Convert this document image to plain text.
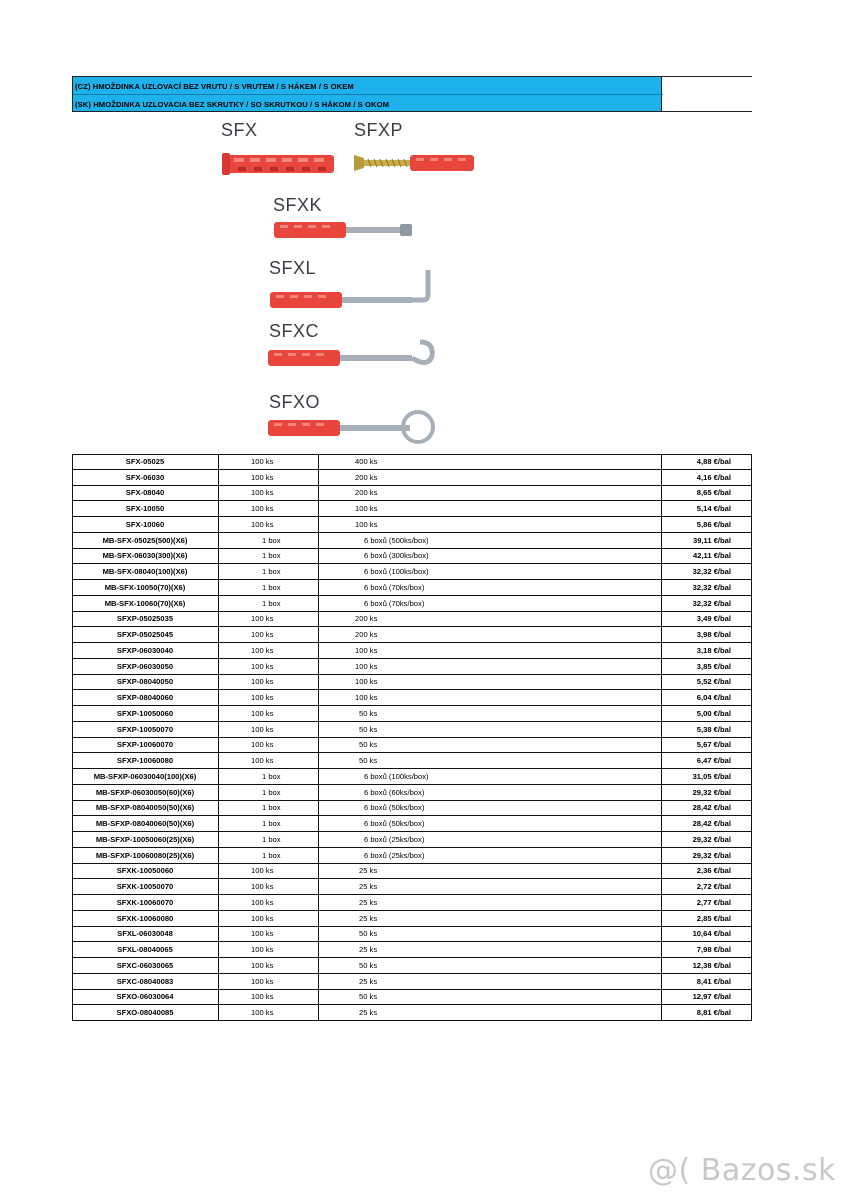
(CZ) HMOŽDINKA UZLOVACÍ BEZ VRUTU / S VRUTEM / S HÁKEM / S OKEM
(SK) HMOŽDINKA UZLOVACIA BEZ SKRUTKY / SO SKRUTKOU / S HÁKOM / S OKOM
SFX	SFXP
SFXK
SFXL
SFXC
SFXO
SFX-05025	100 ks	400 ks	4,88 €/bal
SFX-06030	100 ks	200 ks	4,16 €/bal
SFX-08040	100 ks	200 ks	8,65 €/bal
SFX-10050	100 ks	100 ks	5,14 €/bal
SFX-10060	100 ks	100 ks	5,86 €/bal
MB-SFX-05025(500)(X6)	1 box	6 boxů (500ks/box)	39,11 €/bal
MB-SFX-06030(300)(X6)	1 box	6 boxů (300ks/box)	42,11 €/bal
MB-SFX-08040(100)(X6)	1 box	6 boxů (100ks/box)	32,32 €/bal
MB-SFX-10050(70)(X6)	1 box	6 boxů (70ks/box)	32,32 €/bal
MB-SFX-10060(70)(X6)	1 box	6 boxů (70ks/box)	32,32 €/bal
SFXP-05025035	100 ks	200 ks	3,49 €/bal
SFXP-05025045	100 ks	200 ks	3,98 €/bal
SFXP-06030040	100 ks	100 ks	3,18 €/bal
SFXP-06030050	100 ks	100 ks	3,85 €/bal
SFXP-08040050	100 ks	100 ks	5,52 €/bal
SFXP-08040060	100 ks	100 ks	6,04 €/bal
SFXP-10050060	100 ks	50 ks	5,00 €/bal
SFXP-10050070	100 ks	50 ks	5,38 €/bal
SFXP-10060070	100 ks	50 ks	5,67 €/bal
SFXP-10060080	100 ks	50 ks	6,47 €/bal
MB-SFXP-06030040(100)(X6)	1 box	6 boxů (100ks/box)	31,05 €/bal
MB-SFXP-06030050(60)(X6)	1 box	6 boxů (60ks/box)	29,32 €/bal
MB-SFXP-08040050(50)(X6)	1 box	6 boxů (50ks/box)	28,42 €/bal
MB-SFXP-08040060(50)(X6)	1 box	6 boxů (50ks/box)	28,42 €/bal
MB-SFXP-10050060(25)(X6)	1 box	6 boxů (25ks/box)	29,32 €/bal
MB-SFXP-10060080(25)(X6)	1 box	6 boxů (25ks/box)	29,32 €/bal
SFXK-10050060	100 ks	25 ks	2,36 €/bal
SFXK-10050070	100 ks	25 ks	2,72 €/bal
SFXK-10060070	100 ks	25 ks	2,77 €/bal
SFXK-10060080	100 ks	25 ks	2,85 €/bal
SFXL-06030048	100 ks	50 ks	10,64 €/bal
SFXL-08040065	100 ks	25 ks	7,98 €/bal
SFXC-06030065	100 ks	50 ks	12,38 €/bal
SFXC-08040083	100 ks	25 ks	8,41 €/bal
SFXO-06030064	100 ks	50 ks	12,97 €/bal
SFXO-08040085	100 ks	25 ks	8,81 €/bal
@( Bazos.sk
